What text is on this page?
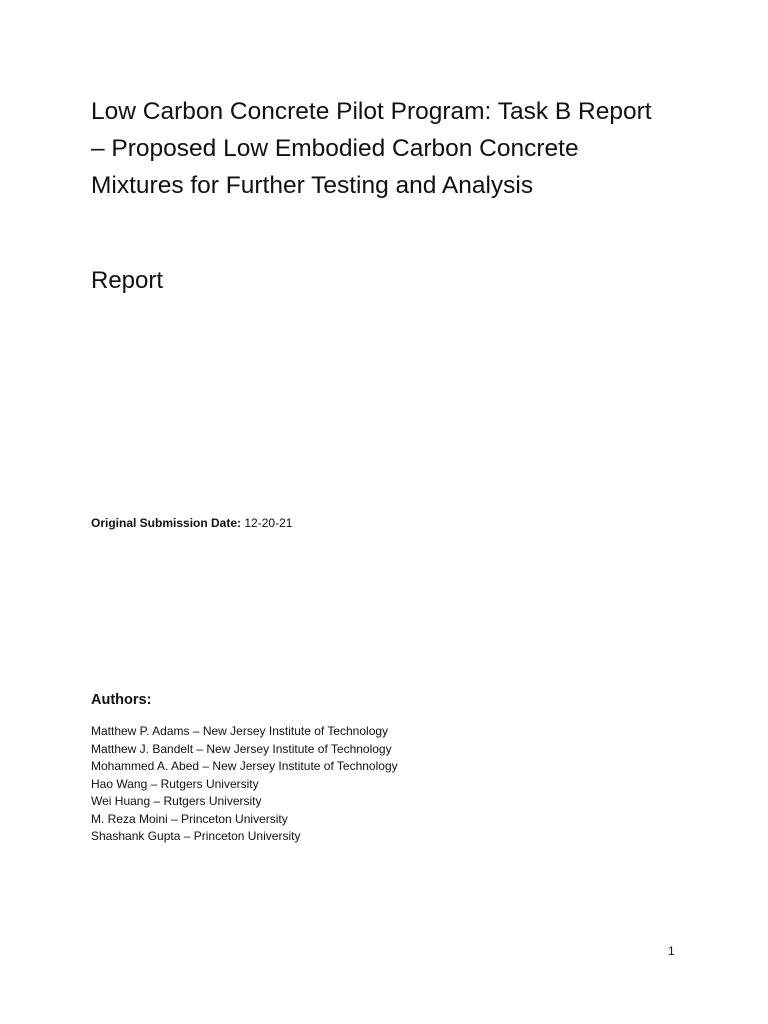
Low Carbon Concrete Pilot Program: Task B Report
– Proposed Low Embodied Carbon Concrete
Mixtures for Further Testing and Analysis
Report
Original Submission Date: 12-20-21
Authors:
Matthew P. Adams – New Jersey Institute of Technology
Matthew J. Bandelt – New Jersey Institute of Technology
Mohammed A. Abed – New Jersey Institute of Technology
Hao Wang – Rutgers University
Wei Huang – Rutgers University
M. Reza Moini – Princeton University
Shashank Gupta – Princeton University
1
